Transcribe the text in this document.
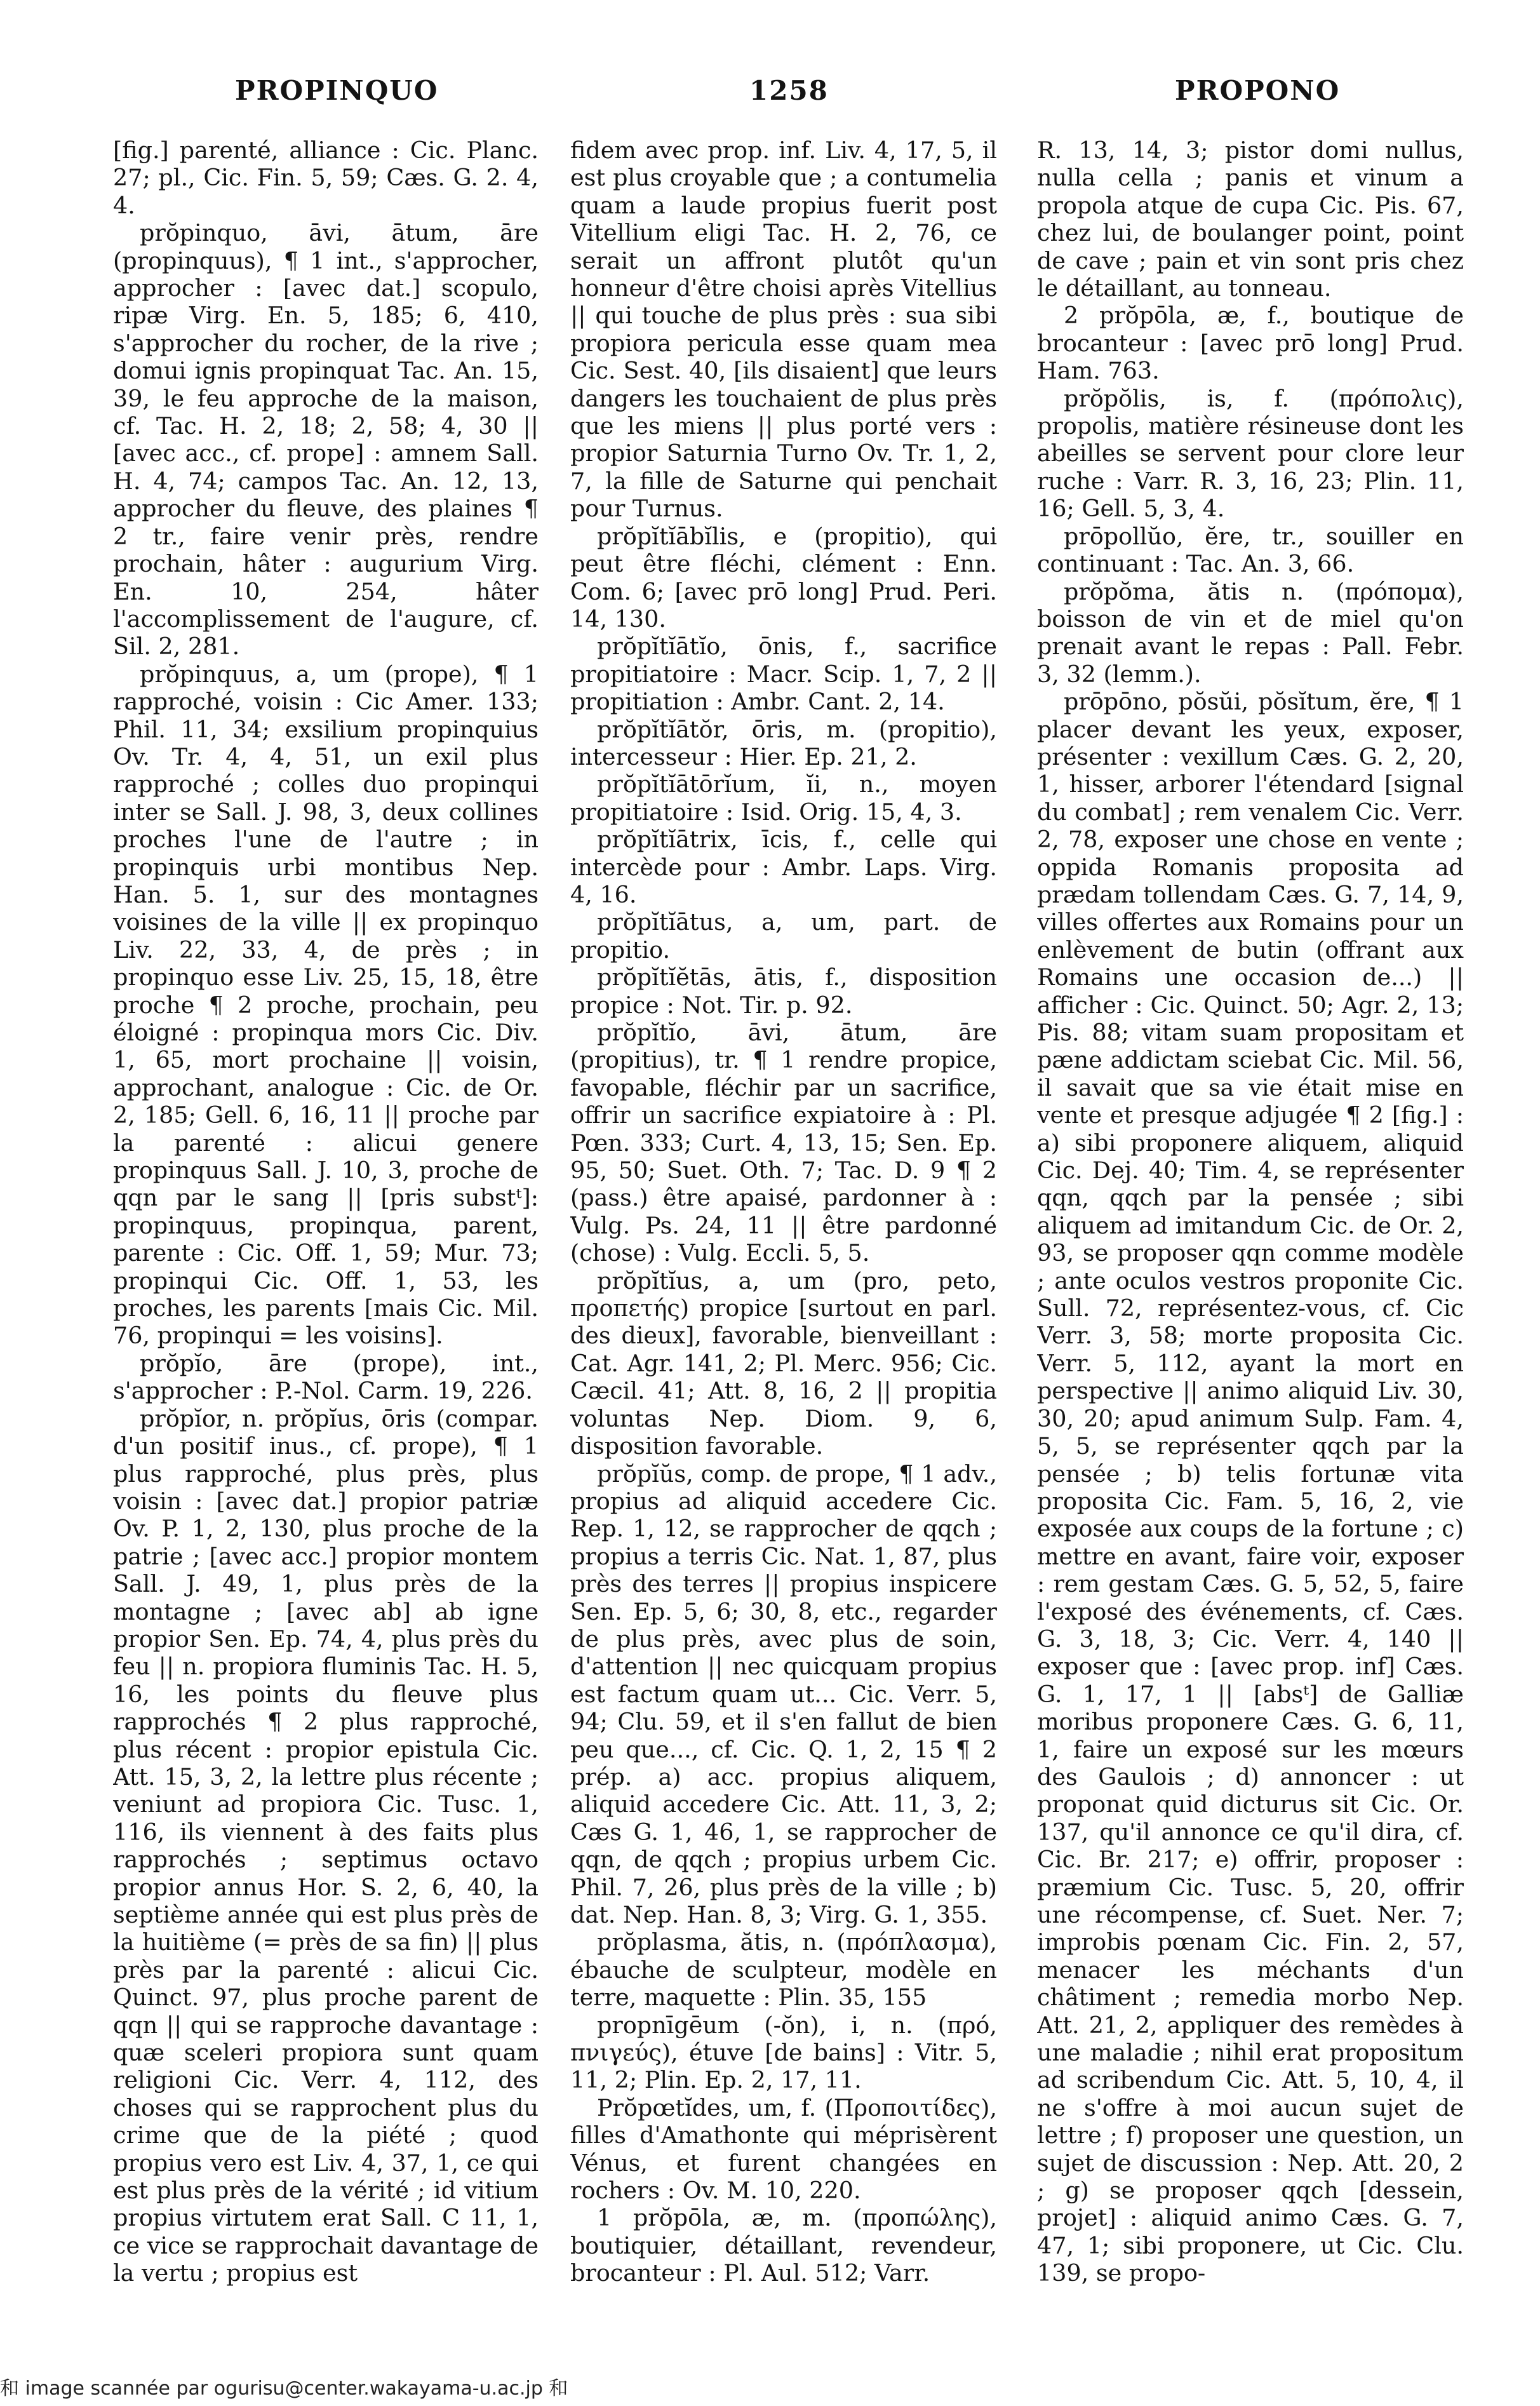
PROPINQUO	1258	PROPONO

[fig.] parenté, alliance : Cic. Planc. 27; pl., Cic. Fin. 5, 59; Cæs. G. 2. 4, 4.

prŏpinquo, āvi, ātum, āre (propinquus), ¶ 1 int., s'approcher, approcher : [avec dat.] scopulo, ripæ Virg. En. 5, 185; 6, 410, s'approcher du rocher, de la rive ; domui ignis propinquat Tac. An. 15, 39, le feu approche de la maison, cf. Tac. H. 2, 18; 2, 58; 4, 30 || [avec acc., cf. prope] : amnem Sall. H. 4, 74; campos Tac. An. 12, 13, approcher du fleuve, des plaines ¶ 2 tr., faire venir près, rendre prochain, hâter : augurium Virg. En. 10, 254, hâter l'accomplissement de l'augure, cf. Sil. 2, 281.

prŏpinquus, a, um (prope), ¶ 1 rapproché, voisin : Cic Amer. 133; Phil. 11, 34; exsilium propinquius Ov. Tr. 4, 4, 51, un exil plus rapproché ; colles duo propinqui inter se Sall. J. 98, 3, deux collines proches l'une de l'autre ; in propinquis urbi montibus Nep. Han. 5. 1, sur des montagnes voisines de la ville || ex propinquo Liv. 22, 33, 4, de près ; in propinquo esse Liv. 25, 15, 18, être proche ¶ 2 proche, prochain, peu éloigné : propinqua mors Cic. Div. 1, 65, mort prochaine || voisin, approchant, analogue : Cic. de Or. 2, 185; Gell. 6, 16, 11 || proche par la parenté : alicui genere propinquus Sall. J. 10, 3, proche de qqn par le sang || [pris substᵗ]: propinquus, propinqua, parent, parente : Cic. Off. 1, 59; Mur. 73; propinqui Cic. Off. 1, 53, les proches, les parents [mais Cic. Mil. 76, propinqui = les voisins].

prŏpĭo, āre (prope), int., s'approcher : P.-Nol. Carm. 19, 226.

prŏpĭor, n. prŏpĭus, ōris (compar. d'un positif inus., cf. prope), ¶ 1 plus rapproché, plus près, plus voisin : [avec dat.] propior patriæ Ov. P. 1, 2, 130, plus proche de la patrie ; [avec acc.] propior montem Sall. J. 49, 1, plus près de la montagne ; [avec ab] ab igne propior Sen. Ep. 74, 4, plus près du feu || n. propiora fluminis Tac. H. 5, 16, les points du fleuve plus rapprochés ¶ 2 plus rapproché, plus récent : propior epistula Cic. Att. 15, 3, 2, la lettre plus récente ; veniunt ad propiora Cic. Tusc. 1, 116, ils viennent à des faits plus rapprochés ; septimus octavo propior annus Hor. S. 2, 6, 40, la septième année qui est plus près de la huitième (= près de sa fin) || plus près par la parenté : alicui Cic. Quinct. 97, plus proche parent de qqn || qui se rapproche davantage : quæ sceleri propiora sunt quam religioni Cic. Verr. 4, 112, des choses qui se rapprochent plus du crime que de la piété ; quod propius vero est Liv. 4, 37, 1, ce qui est plus près de la vérité ; id vitium propius virtutem erat Sall. C 11, 1, ce vice se rapprochait davantage de la vertu ; propius est

fidem avec prop. inf. Liv. 4, 17, 5, il est plus croyable que ; a contumelia quam a laude propius fuerit post Vitellium eligi Tac. H. 2, 76, ce serait un affront plutôt qu'un honneur d'être choisi après Vitellius || qui touche de plus près : sua sibi propiora pericula esse quam mea Cic. Sest. 40, [ils disaient] que leurs dangers les touchaient de plus près que les miens || plus porté vers : propior Saturnia Turno Ov. Tr. 1, 2, 7, la fille de Saturne qui penchait pour Turnus.

prŏpĭtĭābĭlis, e (propitio), qui peut être fléchi, clément : Enn. Com. 6; [avec prō long] Prud. Peri. 14, 130.

prŏpĭtĭātĭo, ōnis, f., sacrifice propitiatoire : Macr. Scip. 1, 7, 2 || propitiation : Ambr. Cant. 2, 14.

prŏpĭtĭātŏr, ōris, m. (propitio), intercesseur : Hier. Ep. 21, 2.

prŏpĭtĭātōrĭum, ĭi, n., moyen propitiatoire : Isid. Orig. 15, 4, 3.

prŏpĭtĭātrix, īcis, f., celle qui intercède pour : Ambr. Laps. Virg. 4, 16.

prŏpĭtĭātus, a, um, part. de propitio.

prŏpĭtĭĕtās, ātis, f., disposition propice : Not. Tir. p. 92.

prŏpĭtĭo, āvi, ātum, āre (propitius), tr. ¶ 1 rendre propice, favopable, fléchir par un sacrifice, offrir un sacrifice expiatoire à : Pl. Pœn. 333; Curt. 4, 13, 15; Sen. Ep. 95, 50; Suet. Oth. 7; Tac. D. 9 ¶ 2 (pass.) être apaisé, pardonner à : Vulg. Ps. 24, 11 || être pardonné (chose) : Vulg. Eccli. 5, 5.

prŏpĭtĭus, a, um (pro, peto, προπετής) propice [surtout en parl. des dieux], favorable, bienveillant : Cat. Agr. 141, 2; Pl. Merc. 956; Cic. Cæcil. 41; Att. 8, 16, 2 || propitia voluntas Nep. Diom. 9, 6, disposition favorable.

prŏpĭŭs, comp. de prope, ¶ 1 adv., propius ad aliquid accedere Cic. Rep. 1, 12, se rapprocher de qqch ; propius a terris Cic. Nat. 1, 87, plus près des terres || propius inspicere Sen. Ep. 5, 6; 30, 8, etc., regarder de plus près, avec plus de soin, d'attention || nec quicquam propius est factum quam ut... Cic. Verr. 5, 94; Clu. 59, et il s'en fallut de bien peu que..., cf. Cic. Q. 1, 2, 15 ¶ 2 prép. a) acc. propius aliquem, aliquid accedere Cic. Att. 11, 3, 2; Cæs G. 1, 46, 1, se rapprocher de qqn, de qqch ; propius urbem Cic. Phil. 7, 26, plus près de la ville ; b) dat. Nep. Han. 8, 3; Virg. G. 1, 355.

prŏplasma, ătis, n. (πρόπλασμα), ébauche de sculpteur, modèle en terre, maquette : Plin. 35, 155

propnīgēum (-ŏn), i, n. (πρό, πνιγεύς), étuve [de bains] : Vitr. 5, 11, 2; Plin. Ep. 2, 17, 11.

Prŏpœtĭdes, um, f. (Προποιτίδες), filles d'Amathonte qui méprisèrent Vénus, et furent changées en rochers : Ov. M. 10, 220.

1 prŏpōla, æ, m. (προπώλης), boutiquier, détaillant, revendeur, brocanteur : Pl. Aul. 512; Varr.

R. 13, 14, 3; pistor domi nullus, nulla cella ; panis et vinum a propola atque de cupa Cic. Pis. 67, chez lui, de boulanger point, point de cave ; pain et vin sont pris chez le détaillant, au tonneau.

2 prŏpōla, æ, f., boutique de brocanteur : [avec prō long] Prud. Ham. 763.

prŏpŏlis, is, f. (πρόπολις), propolis, matière résineuse dont les abeilles se servent pour clore leur ruche : Varr. R. 3, 16, 23; Plin. 11, 16; Gell. 5, 3, 4.

prōpollŭo, ĕre, tr., souiller en continuant : Tac. An. 3, 66.

prŏpŏma, ătis n. (πρόπομα), boisson de vin et de miel qu'on prenait avant le repas : Pall. Febr. 3, 32 (lemm.).

prōpōno, pŏsŭi, pŏsĭtum, ĕre, ¶ 1 placer devant les yeux, exposer, présenter : vexillum Cæs. G. 2, 20, 1, hisser, arborer l'étendard [signal du combat] ; rem venalem Cic. Verr. 2, 78, exposer une chose en vente ; oppida Romanis proposita ad prædam tollendam Cæs. G. 7, 14, 9, villes offertes aux Romains pour un enlèvement de butin (offrant aux Romains une occasion de...) || afficher : Cic. Quinct. 50; Agr. 2, 13; Pis. 88; vitam suam propositam et pæne addictam sciebat Cic. Mil. 56, il savait que sa vie était mise en vente et presque adjugée ¶ 2 [fig.] : a) sibi proponere aliquem, aliquid Cic. Dej. 40; Tim. 4, se représenter qqn, qqch par la pensée ; sibi aliquem ad imitandum Cic. de Or. 2, 93, se proposer qqn comme modèle ; ante oculos vestros proponite Cic. Sull. 72, représentez-vous, cf. Cic Verr. 3, 58; morte proposita Cic. Verr. 5, 112, ayant la mort en perspective || animo aliquid Liv. 30, 30, 20; apud animum Sulp. Fam. 4, 5, 5, se représenter qqch par la pensée ; b) telis fortunæ vita proposita Cic. Fam. 5, 16, 2, vie exposée aux coups de la fortune ; c) mettre en avant, faire voir, exposer : rem gestam Cæs. G. 5, 52, 5, faire l'exposé des événements, cf. Cæs. G. 3, 18, 3; Cic. Verr. 4, 140 || exposer que : [avec prop. inf] Cæs. G. 1, 17, 1 || [absᵗ] de Galliæ moribus proponere Cæs. G. 6, 11, 1, faire un exposé sur les mœurs des Gaulois ; d) annoncer : ut proponat quid dicturus sit Cic. Or. 137, qu'il annonce ce qu'il dira, cf. Cic. Br. 217; e) offrir, proposer : præmium Cic. Tusc. 5, 20, offrir une récompense, cf. Suet. Ner. 7; improbis pœnam Cic. Fin. 2, 57, menacer les méchants d'un châtiment ; remedia morbo Nep. Att. 21, 2, appliquer des remèdes à une maladie ; nihil erat propositum ad scribendum Cic. Att. 5, 10, 4, il ne s'offre à moi aucun sujet de lettre ; f) proposer une question, un sujet de discussion : Nep. Att. 20, 2 ; g) se proposer qqch [dessein, projet] : aliquid animo Cæs. G. 7, 47, 1; sibi proponere, ut Cic. Clu. 139, se propo-

和 image scannée par ogurisu@center.wakayama-u.ac.jp 和
